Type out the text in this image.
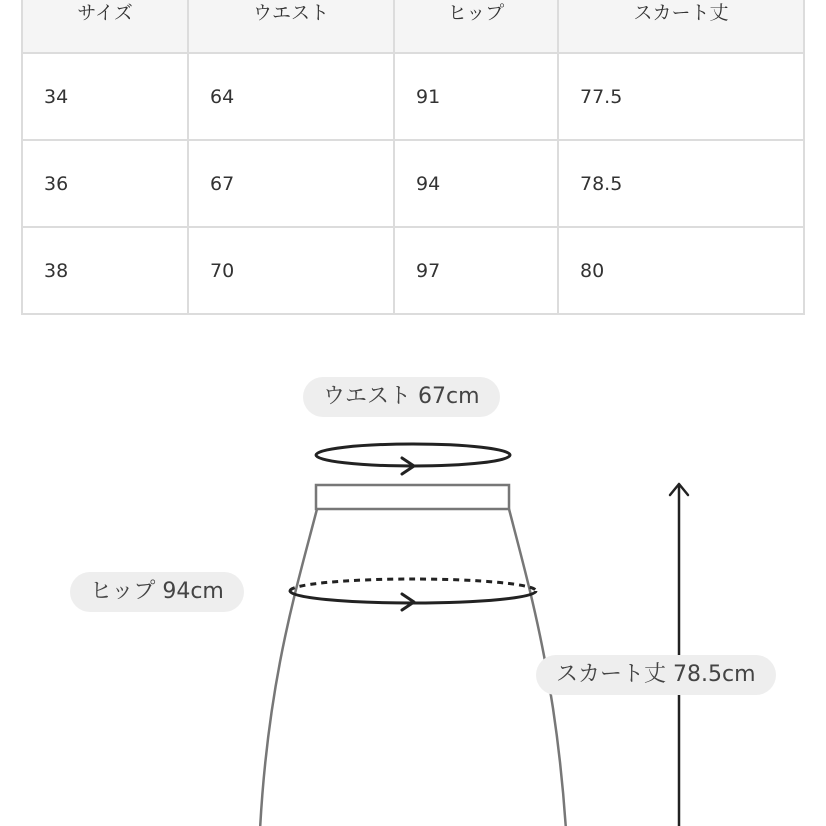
サイズ	ウエスト	ヒップ	スカート丈
34	64	91	77.5
36	67	94	78.5
38	70	97	80
ウエスト 67cm
ヒップ 94cm
スカート丈 78.5cm
